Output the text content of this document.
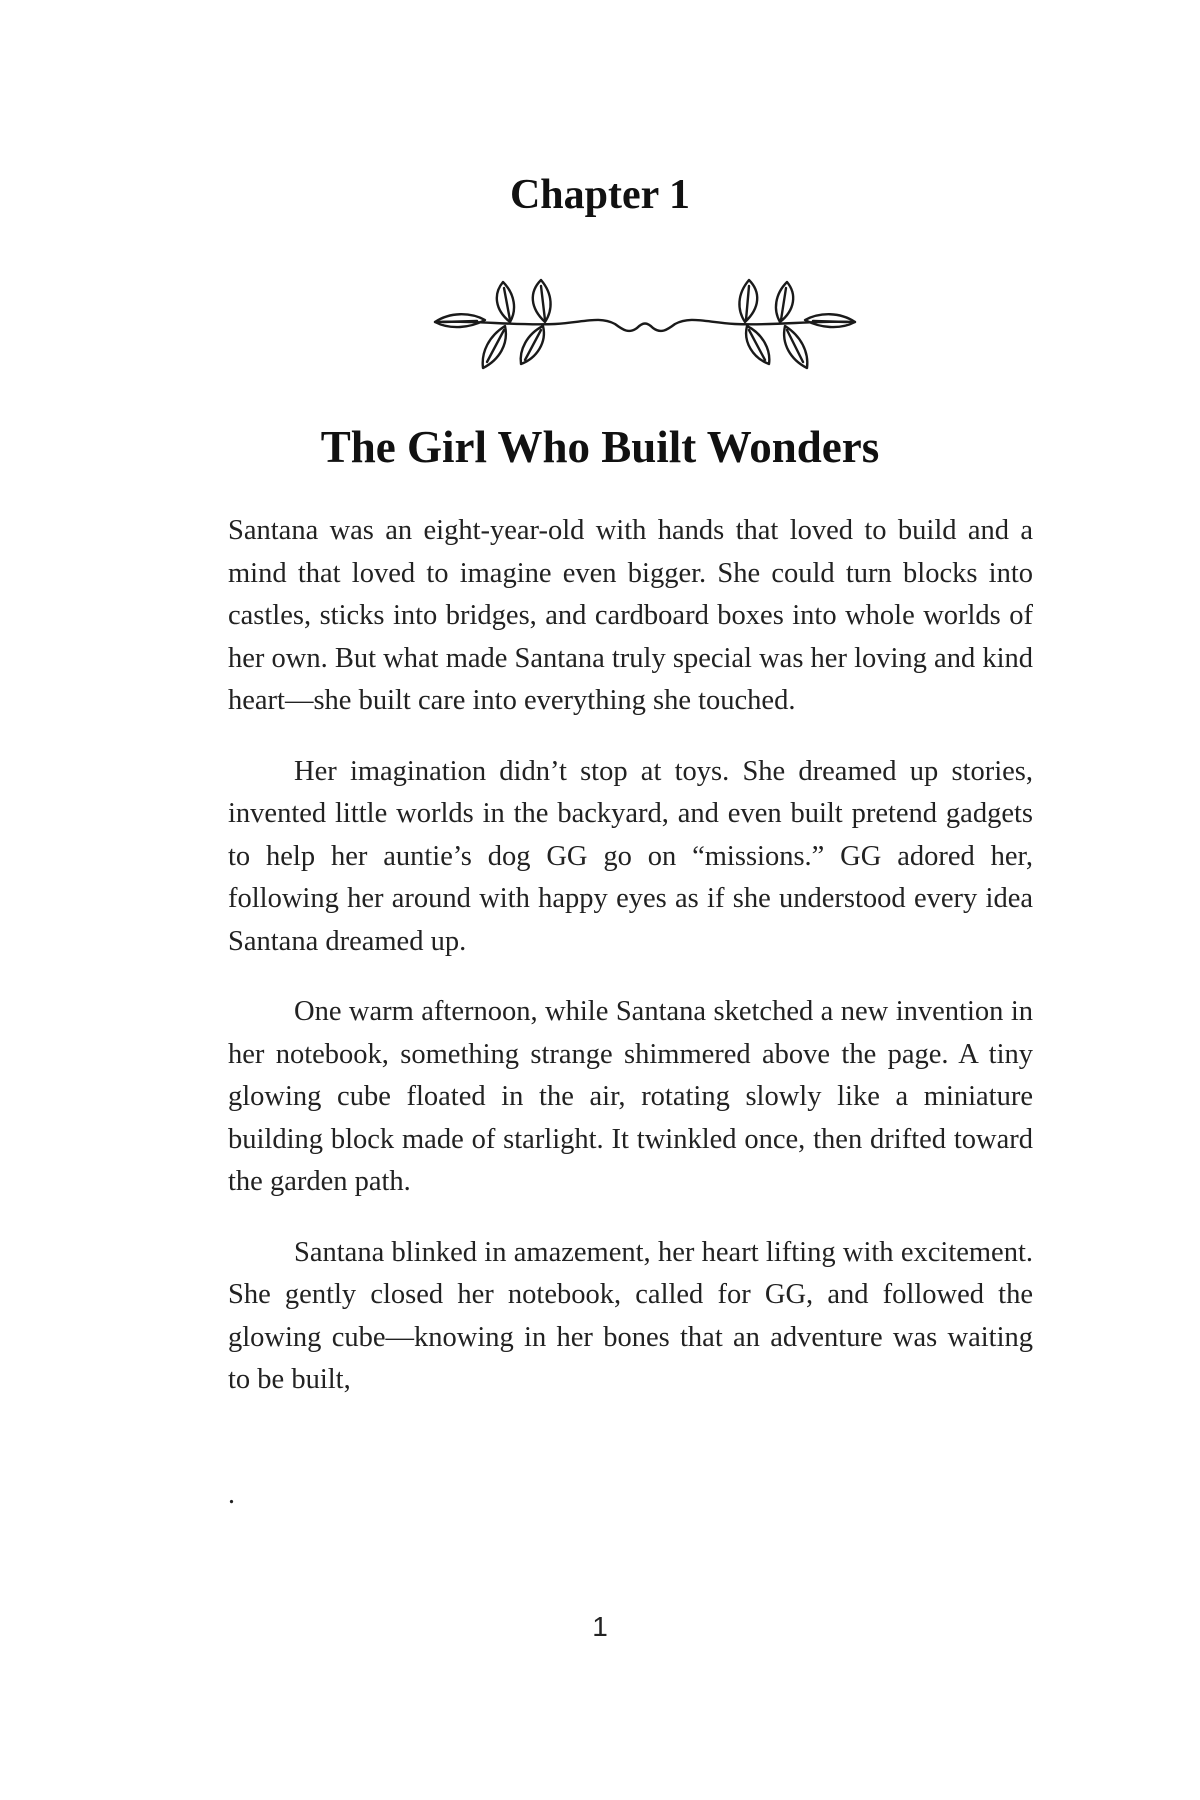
Chapter 1
The Girl Who Built Wonders

Santana was an eight-year-old with hands that loved to build and a mind that loved to imagine even bigger. She could turn blocks into castles, sticks into bridges, and cardboard boxes into whole worlds of her own. But what made Santana truly special was her loving and kind heart—she built care into everything she touched.

Her imagination didn’t stop at toys. She dreamed up stories, invented little worlds in the backyard, and even built pretend gadgets to help her auntie’s dog GG go on “missions.” GG adored her, following her around with happy eyes as if she understood every idea Santana dreamed up.

One warm afternoon, while Santana sketched a new invention in her notebook, something strange shimmered above the page. A tiny glowing cube floated in the air, rotating slowly like a miniature building block made of starlight. It twinkled once, then drifted toward the garden path.

Santana blinked in amazement, her heart lifting with excitement. She gently closed her notebook, called for GG, and followed the glowing cube—knowing in her bones that an adventure was waiting to be built,

.
1
